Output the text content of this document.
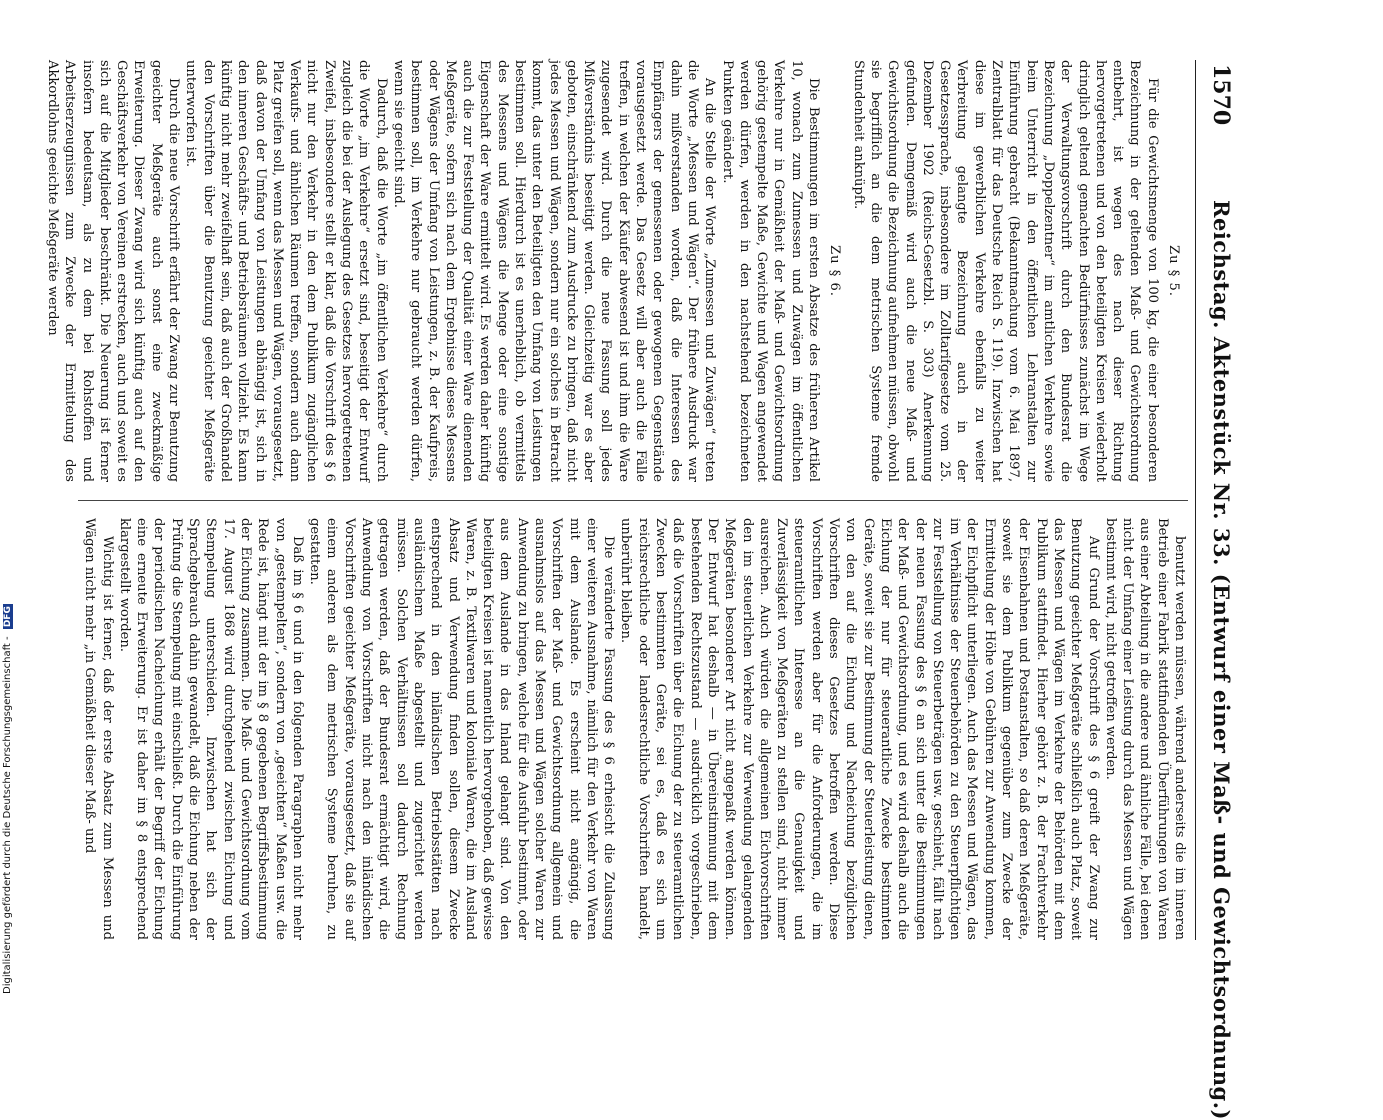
1570
Reichstag. Aktenstück Nr. 33. (Entwurf einer Maß- und Gewichtsordnung.)
Zu § 5.

Für die Gewichtsmenge von 100 kg, die einer besonderen Bezeichnung in der geltenden Maß- und Gewichtsordnung entbehrt, ist wegen des nach dieser Richtung hervorgetretenen und von den beteiligten Kreisen wiederholt dringlich geltend gemachten Bedürfnisses zunächst im Wege der Verwaltungsvorschrift durch den Bundesrat die Bezeichnung „Doppelzentner“ im amtlichen Verkehre sowie beim Unterricht in den öffentlichen Lehranstalten zur Einführung gebracht (Bekanntmachung vom 6. Mai 1897, Zentralblatt für das Deutsche Reich S. 119). Inzwischen hat diese im gewerblichen Verkehre ebenfalls zu weiter Verbreitung gelangte Bezeichnung auch in der Gesetzessprache, insbesondere im Zolltarifgesetze vom 25. Dezember 1902 (Reichs-Gesetzbl. S. 303) Anerkennung gefunden. Demgemäß wird auch die neue Maß- und Gewichtsordnung die Bezeichnung aufnehmen müssen, obwohl sie begrifflich an die dem metrischen Systeme fremde Stundenheit anknüpft.

Zu § 6.

Die Bestimmungen im ersten Absatze des früheren Artikel 10, wonach zum Zumessen und Zuwägen im öffentlichen Verkehre nur in Gemäßheit der Maß- und Gewichtsordnung gehörig gestempelte Maße, Gewichte und Wagen angewendet werden dürfen, werden in den nachstehend bezeichneten Punkten geändert.

An die Stelle der Worte „Zumessen und Zuwägen“ treten die Worte „Messen und Wägen“. Der frühere Ausdruck war dahin mißverstanden worden, daß die Interessen des Empfängers der gemessenen oder gewogenen Gegenstände vorausgesetzt werde. Das Gesetz will aber auch die Fälle treffen, in welchen der Käufer abwesend ist und ihm die Ware zugesendet wird. Durch die neue Fassung soll jedes Mißverständnis beseitigt werden. Gleichzeitig war es aber geboten, einschränkend zum Ausdrucke zu bringen, daß nicht jedes Messen und Wägen, sondern nur ein solches in Betracht kommt, das unter den Beteiligten den Umfang von Leistungen bestimmen soll. Hierdurch ist es unerheblich, ob vermittels des Messens und Wägens die Menge oder eine sonstige Eigenschaft der Ware ermittelt wird. Es werden daher künftig auch die zur Feststellung der Qualität einer Ware dienenden Meßgeräte, sofern sich nach dem Ergebnisse dieses Messens oder Wägens der Umfang von Leistungen, z. B. der Kaufpreis, bestimmen soll, im Verkehre nur gebraucht werden dürfen, wenn sie geeicht sind.

Dadurch, daß die Worte „im öffentlichen Verkehre“ durch die Worte „im Verkehre“ ersetzt sind, beseitigt der Entwurf zugleich die bei der Auslegung des Gesetzes hervorgetretenen Zweifel, insbesondere stellt er klar, daß die Vorschrift des § 6 nicht nur den Verkehr in den dem Publikum zugänglichen Verkaufs- und ähnlichen Räumen treffen, sondern auch dann Platz greifen soll, wenn das Messen und Wägen, vorausgesetzt, daß davon der Umfang von Leistungen abhängig ist, sich in den inneren Geschäfts- und Betriebsräumen vollzieht. Es kann künftig nicht mehr zweifelhaft sein, daß auch der Großhandel den Vorschriften über die Benutzung geeichter Meßgeräte unterworfen ist.

Durch die neue Vorschrift erfährt der Zwang zur Benutzung geeichter Meßgeräte auch sonst eine zweckmäßige Erweiterung. Dieser Zwang wird sich künftig auch auf den Geschäftsverkehr von Vereinen erstrecken, auch und soweit es sich auf die Mitglieder beschränkt. Die Neuerung ist ferner insofern bedeutsam, als zu dem bei Rohstoffen und Arbeitserzeugnissen zum Zwecke der Ermittelung des Akkordlohns geeichte Meßgeräte werden

benutzt werden müssen, während anderseits die im inneren Betrieb einer Fabrik stattfindenden Überführungen von Waren aus einer Abteilung in die andere und ähnliche Fälle, bei denen nicht der Umfang einer Leistung durch das Messen und Wägen bestimmt wird, nicht getroffen werden.

Auf Grund der Vorschrift des § 6 greift der Zwang zur Benutzung geeichter Meßgeräte schließlich auch Platz, soweit das Messen und Wägen im Verkehre der Behörden mit dem Publikum stattfindet. Hierher gehört z. B. der Frachtverkehr der Eisenbahnen und Postanstalten, so daß deren Meßgeräte, soweit sie dem Publikum gegenüber zum Zwecke der Ermittelung der Höhe von Gebühren zur Anwendung kommen, der Eichpflicht unterliegen. Auch das Messen und Wägen, das im Verhältnisse der Steuerbehörden zu den Steuerpflichtigen zur Feststellung von Steuerbeträgen usw. geschieht, fällt nach der neuen Fassung des § 6 an sich unter die Bestimmungen der Maß- und Gewichtsordnung, und es wird deshalb auch die Eichung der nur für steuerantliche Zwecke bestimmten Geräte, soweit sie zur Bestimmung der Steuerleistung dienen, von den auf die Eichung und Nacheichung bezüglichen Vorschriften dieses Gesetzes betroffen werden. Diese Vorschriften werden aber für die Anforderungen, die im steueramtlichen Interesse an die Genauigkeit und Zuverlässigkeit von Meßgeräten zu stellen sind, nicht immer ausreichen. Auch würden die allgemeinen Eichvorschriften den im steuerlichen Verkehre zur Verwendung gelangenden Meßgeräten besonderer Art nicht angepaßt werden können. Der Entwurf hat deshalb — in Übereinstimmung mit dem bestehenden Rechtszustand — ausdrücklich vorgeschrieben, daß die Vorschriften über die Eichung der zu steueramtlichen Zwecken bestimmten Geräte, sei es, daß es sich um reichsrechtliche oder landesrechtliche Vorschriften handelt, unberührt bleiben.

Die veränderte Fassung des § 6 erheischt die Zulassung einer weiteren Ausnahme, nämlich für den Verkehr von Waren mit dem Auslande. Es erscheint nicht angängig, die Vorschriften der Maß- und Gewichtsordnung allgemein und ausnahmslos auf das Messen und Wägen solcher Waren zur Anwendung zu bringen, welche für die Ausfuhr bestimmt, oder aus dem Auslande in das Inland gelangt sind. Von den beteiligten Kreisen ist namentlich hervorgehoben, daß gewisse Waren, z. B. Textilwaren und koloniale Waren, die im Ausland Absatz und Verwendung finden sollen, diesem Zwecke entsprechend in den inländischen Betriebsstätten nach ausländischem Maße abgestellt und zugerichtet werden müssen. Solchen Verhältnissen soll dadurch Rechnung getragen werden, daß der Bundesrat ermächtigt wird, die Anwendung von Vorschriften nicht nach den inländischen Vorschriften geeichter Meßgeräte, vorausgesetzt, daß sie auf einem anderen als dem metrischen Systeme beruhen, zu gestatten.

Daß im § 6 und in den folgenden Paragraphen nicht mehr von „gestempelten“, sondern von „geeichten“ Maßen usw. die Rede ist, hängt mit der im § 8 gegebenen Begriffsbestimmung der Eichung zusammen. Die Maß- und Gewichtsordnung vom 17. August 1868 wird durchgehend zwischen Eichung und Stempelung unterschieden. Inzwischen hat sich der Sprachgebrauch dahin gewandelt, daß die Eichung neben der Prüfung die Stempelung mit einschließt. Durch die Einführung der periodischen Nacheichung erhält der Begriff der Eichung eine erneute Erweiterung. Er ist daher im § 8 entsprechend klargestellt worden.

Wichtig ist ferner, daß der erste Absatz zum Messen und Wägen nicht mehr „in Gemäßheit dieser Maß- und

Digitalisierung gefördert durch die Deutsche Forschungsgemeinschaft - DFG
